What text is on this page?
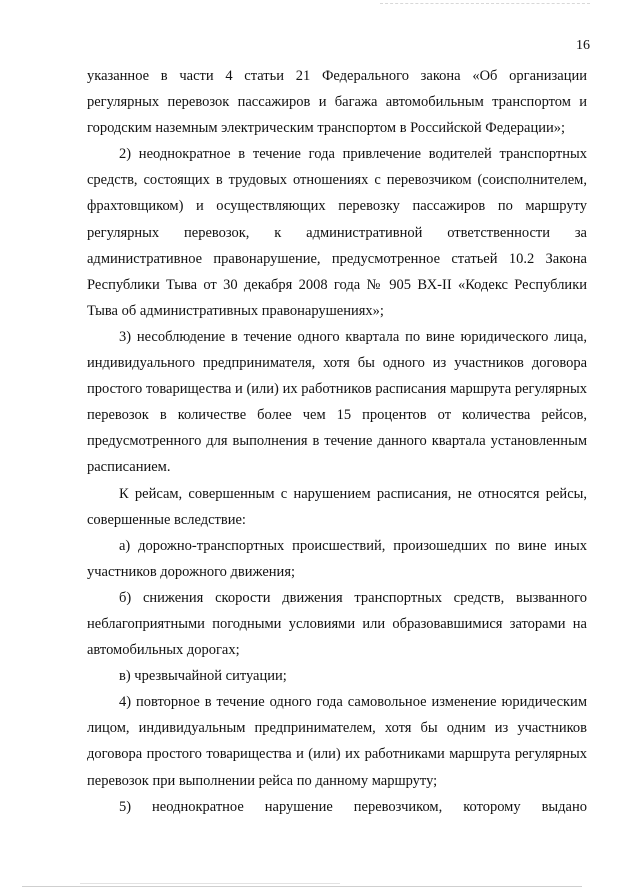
16

указанное в части 4 статьи 21 Федерального закона «Об организации регулярных перевозок пассажиров и багажа автомобильным транспортом и городским наземным электрическим транспортом в Российской Федерации»;

2) неоднократное в течение года привлечение водителей транспортных средств, состоящих в трудовых отношениях с перевозчиком (соисполнителем, фрахтовщиком) и осуществляющих перевозку пассажиров по маршруту регулярных перевозок, к административной ответственности за административное правонарушение, предусмотренное статьей 10.2 Закона Республики Тыва от 30 декабря 2008 года № 905 ВХ-II «Кодекс Республики Тыва об административных правонарушениях»;

3) несоблюдение в течение одного квартала по вине юридического лица, индивидуального предпринимателя, хотя бы одного из участников договора простого товарищества и (или) их работников расписания маршрута регулярных перевозок в количестве более чем 15 процентов от количества рейсов, предусмотренного для выполнения в течение данного квартала установленным расписанием.

К рейсам, совершенным с нарушением расписания, не относятся рейсы, совершенные вследствие:

а) дорожно-транспортных происшествий, произошедших по вине иных участников дорожного движения;

б) снижения скорости движения транспортных средств, вызванного неблагоприятными погодными условиями или образовавшимися заторами на автомобильных дорогах;

в) чрезвычайной ситуации;

4) повторное в течение одного года самовольное изменение юридическим лицом, индивидуальным предпринимателем, хотя бы одним из участников договора простого товарищества и (или) их работниками маршрута регулярных перевозок при выполнении рейса по данному маршруту;

5) неоднократное нарушение перевозчиком, которому выдано
